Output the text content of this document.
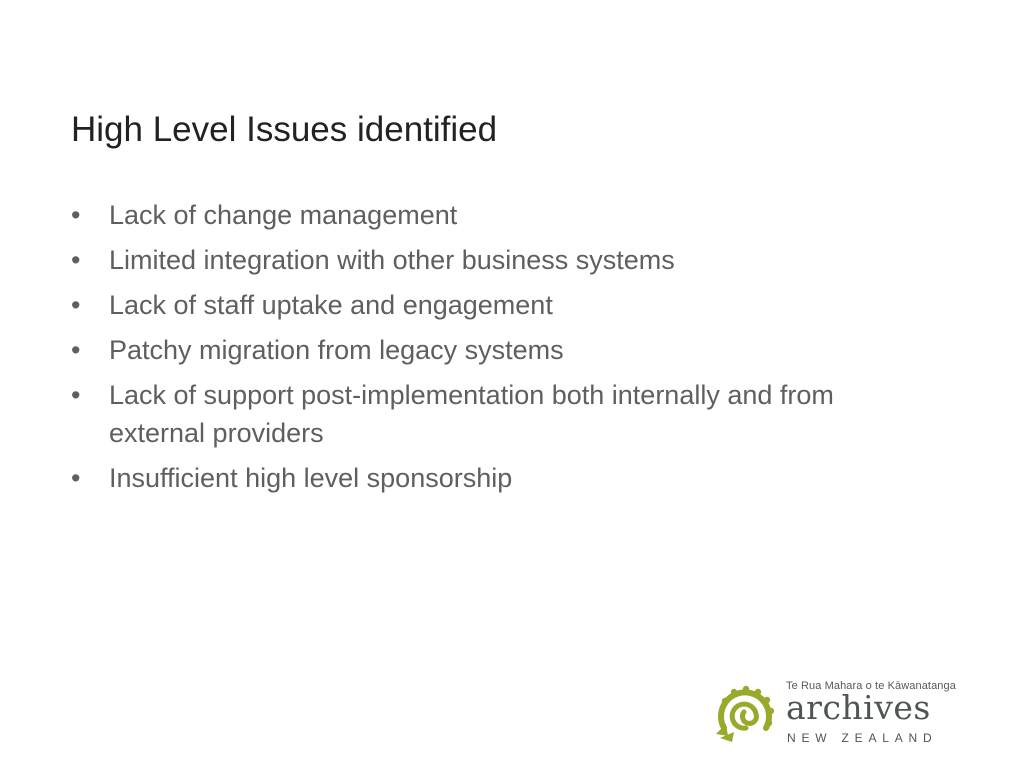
High Level Issues identified
•	Lack of change management
•	Limited integration with other business systems
•	Lack of staff uptake and engagement
•	Patchy migration from legacy systems
•	Lack of support post-implementation both internally and from external providers
•	Insufficient high level sponsorship
Te Rua Mahara o te Kāwanatanga
archives
NEW ZEALAND
